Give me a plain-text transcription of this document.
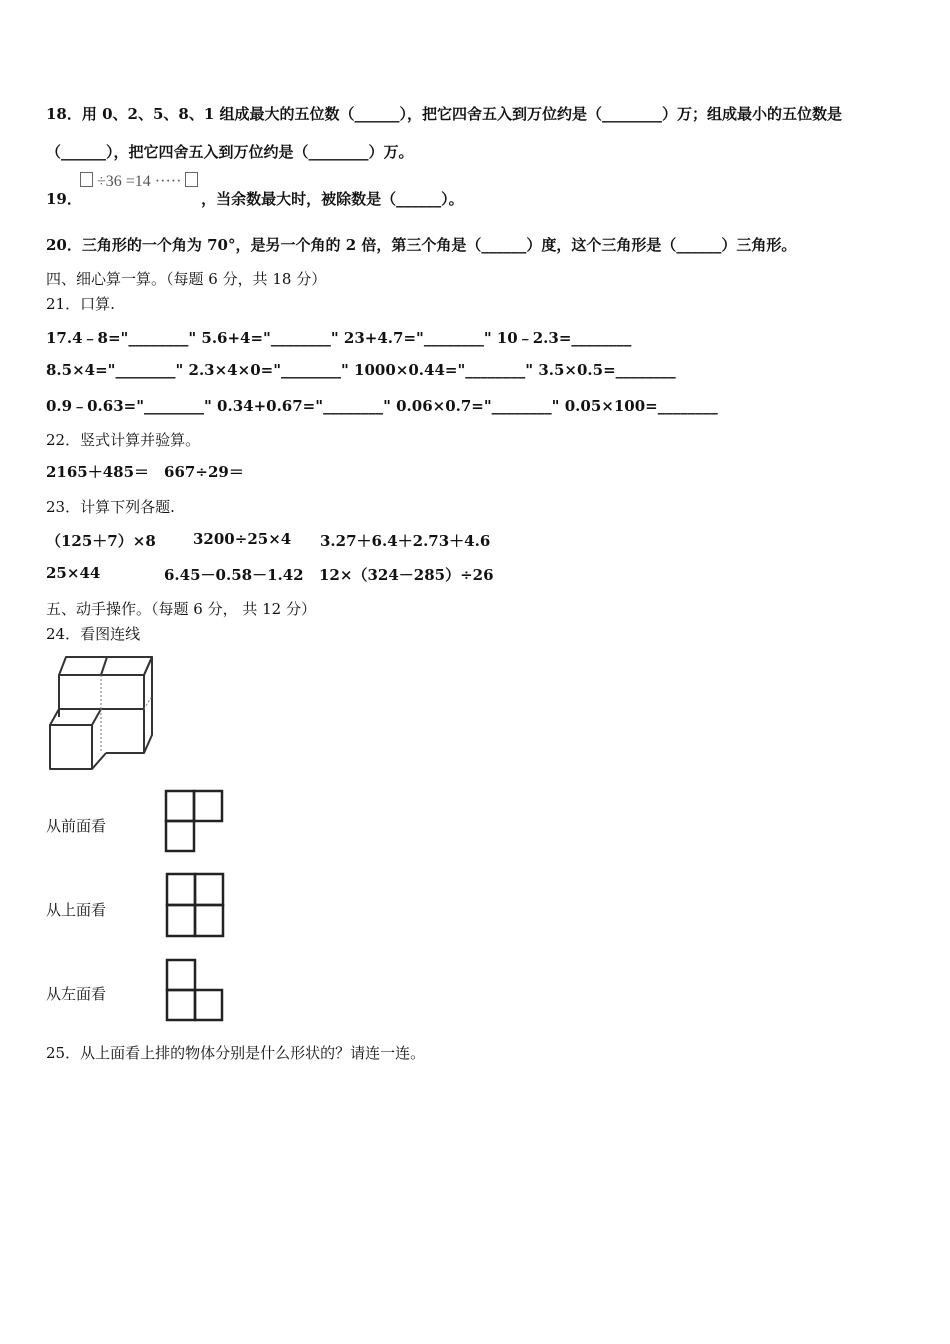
18．用 0、2、5、8、1 组成最大的五位数（______），把它四舍五入到万位约是（________）万；组成最小的五位数是
（______），把它四舍五入到万位约是（________）万。
÷36 =14 ·····
19．	，当余数最大时，被除数是（______）。
20．三角形的一个角为 70°，是另一个角的 2 倍，第三个角是（______）度，这个三角形是（______）三角形。
四、细心算一算。（每题 6 分，共 18 分）
21．口算.
17.4﹣8="________" 5.6+4="________" 23+4.7="________" 10﹣2.3=________
8.5×4="________" 2.3×4×0="________" 1000×0.44="________" 3.5×0.5=________
0.9﹣0.63="________" 0.34+0.67="________" 0.06×0.7="________" 0.05×100=________
22．竖式计算并验算。
2165＋485＝　667÷29＝
23．计算下列各题.
（125＋7）×8 3200÷25×4 3.27＋6.4＋2.73＋4.6
25×44	6.45－0.58－1.42 12×（324－285）÷26
五、动手操作。（每题 6 分， 共 12 分）
24．看图连线
从前面看
从上面看
从左面看
25．从上面看上排的物体分别是什么形状的？请连一连。
